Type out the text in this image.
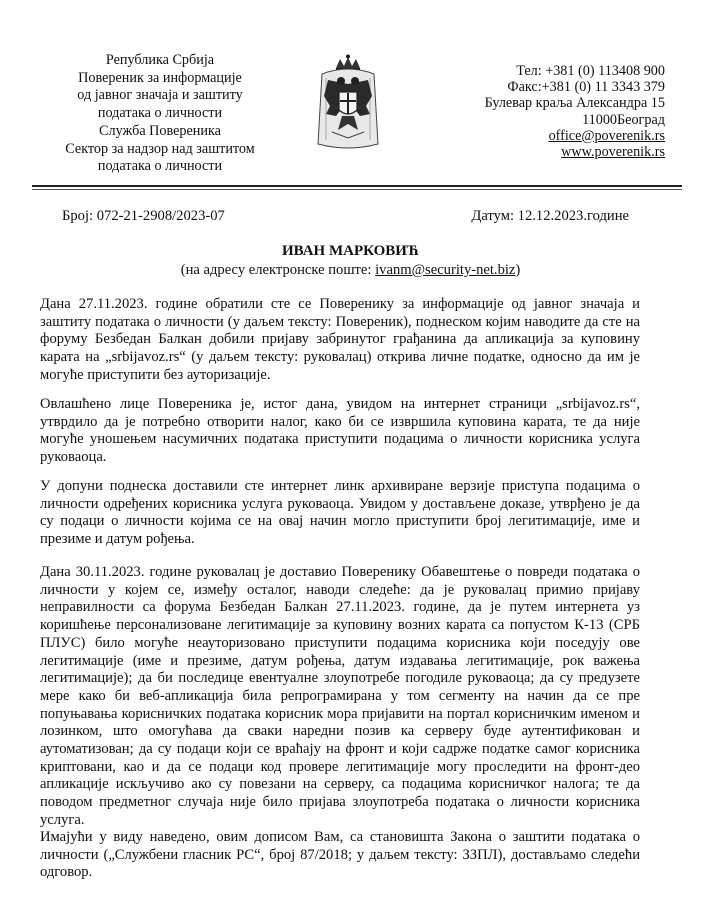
Република Србија
Повереник за информације
од јавног значаја и заштиту
података о личности
Служба Повереника
Сектор за надзор над заштитом
података о личности
Тел: +381 (0) 113408 900
Факс:+381 (0) 11 3343 379
Булевар краља Александра 15
11000Београд
office@poverenik.rs
www.poverenik.rs
Број: 072-21-2908/2023-07	Датум: 12.12.2023.године
ИВАН МАРКОВИЋ
(на адресу електронске поште: ivanm@security-net.biz)
Дана 27.11.2023. године обратили сте се Поверенику за информације од јавног значаја и заштиту података о личности (у даљем тексту: Повереник), поднеском којим наводите да сте на форуму Безбедан Балкан добили пријаву забринутог грађанина да апликација за куповину карата на „srbijavoz.rs“ (у даљем тексту: руковалац) открива личне податке, односно да им је могуће приступити без ауторизације.
Овлашћено лице Повереника је, истог дана, увидом на интернет страници „srbijavoz.rs“, утврдило да је потребно отворити налог, како би се извршила куповина карата, те да није могуће уношењем насумичних података приступити подацима о личности корисника услуга руковаоца.
У допуни поднеска доставили сте интернет линк архивиране верзије приступа подацима о личности одређених корисника услуга руковаоца. Увидом у достављене доказе, утврђено је да су подаци о личности којима се на овај начин могло приступити број легитимације, име и презиме и датум рођења.
Дана 30.11.2023. године руковалац је доставио Поверенику Обавештење о повреди података о личности у којем се, између осталог, наводи следеће: да је руковалац примио пријаву неправилности са форума Безбедан Балкан 27.11.2023. године, да је путем интернета уз коришћење персонализоване легитимације за куповину возних карата са попустом К-13 (СРБ ПЛУС) било могуће неауторизовано приступити подацима корисника који поседују ове легитимације (име и презиме, датум рођења, датум издавања легитимације, рок важења легитимације); да би последице евентуалне злоупотребе погодиле руковаоца; да су предузете мере како би веб-апликација била репрограмирана у том сегменту на начин да се пре попуњавања корисничких података корисник мора пријавити на портал корисничким именом и лозинком, што омогућава да сваки наредни позив ка серверу буде аутентификован и аутоматизован; да су подаци који се враћају на фронт и који садрже податке самог корисника криптовани, као и да се подаци код провере легитимације могу проследити на фронт-део апликације искључиво ако су повезани на серверу, са подацима корисничког налога; те да поводом предметног случаја није било пријава злоупотреба података о личности корисника услуга.
Имајући у виду наведено, овим дописом Вам, са становишта Закона о заштити података о личности („Службени гласник РС“, број 87/2018; у даљем тексту: ЗЗПЛ), достављамо следећи одговор.
